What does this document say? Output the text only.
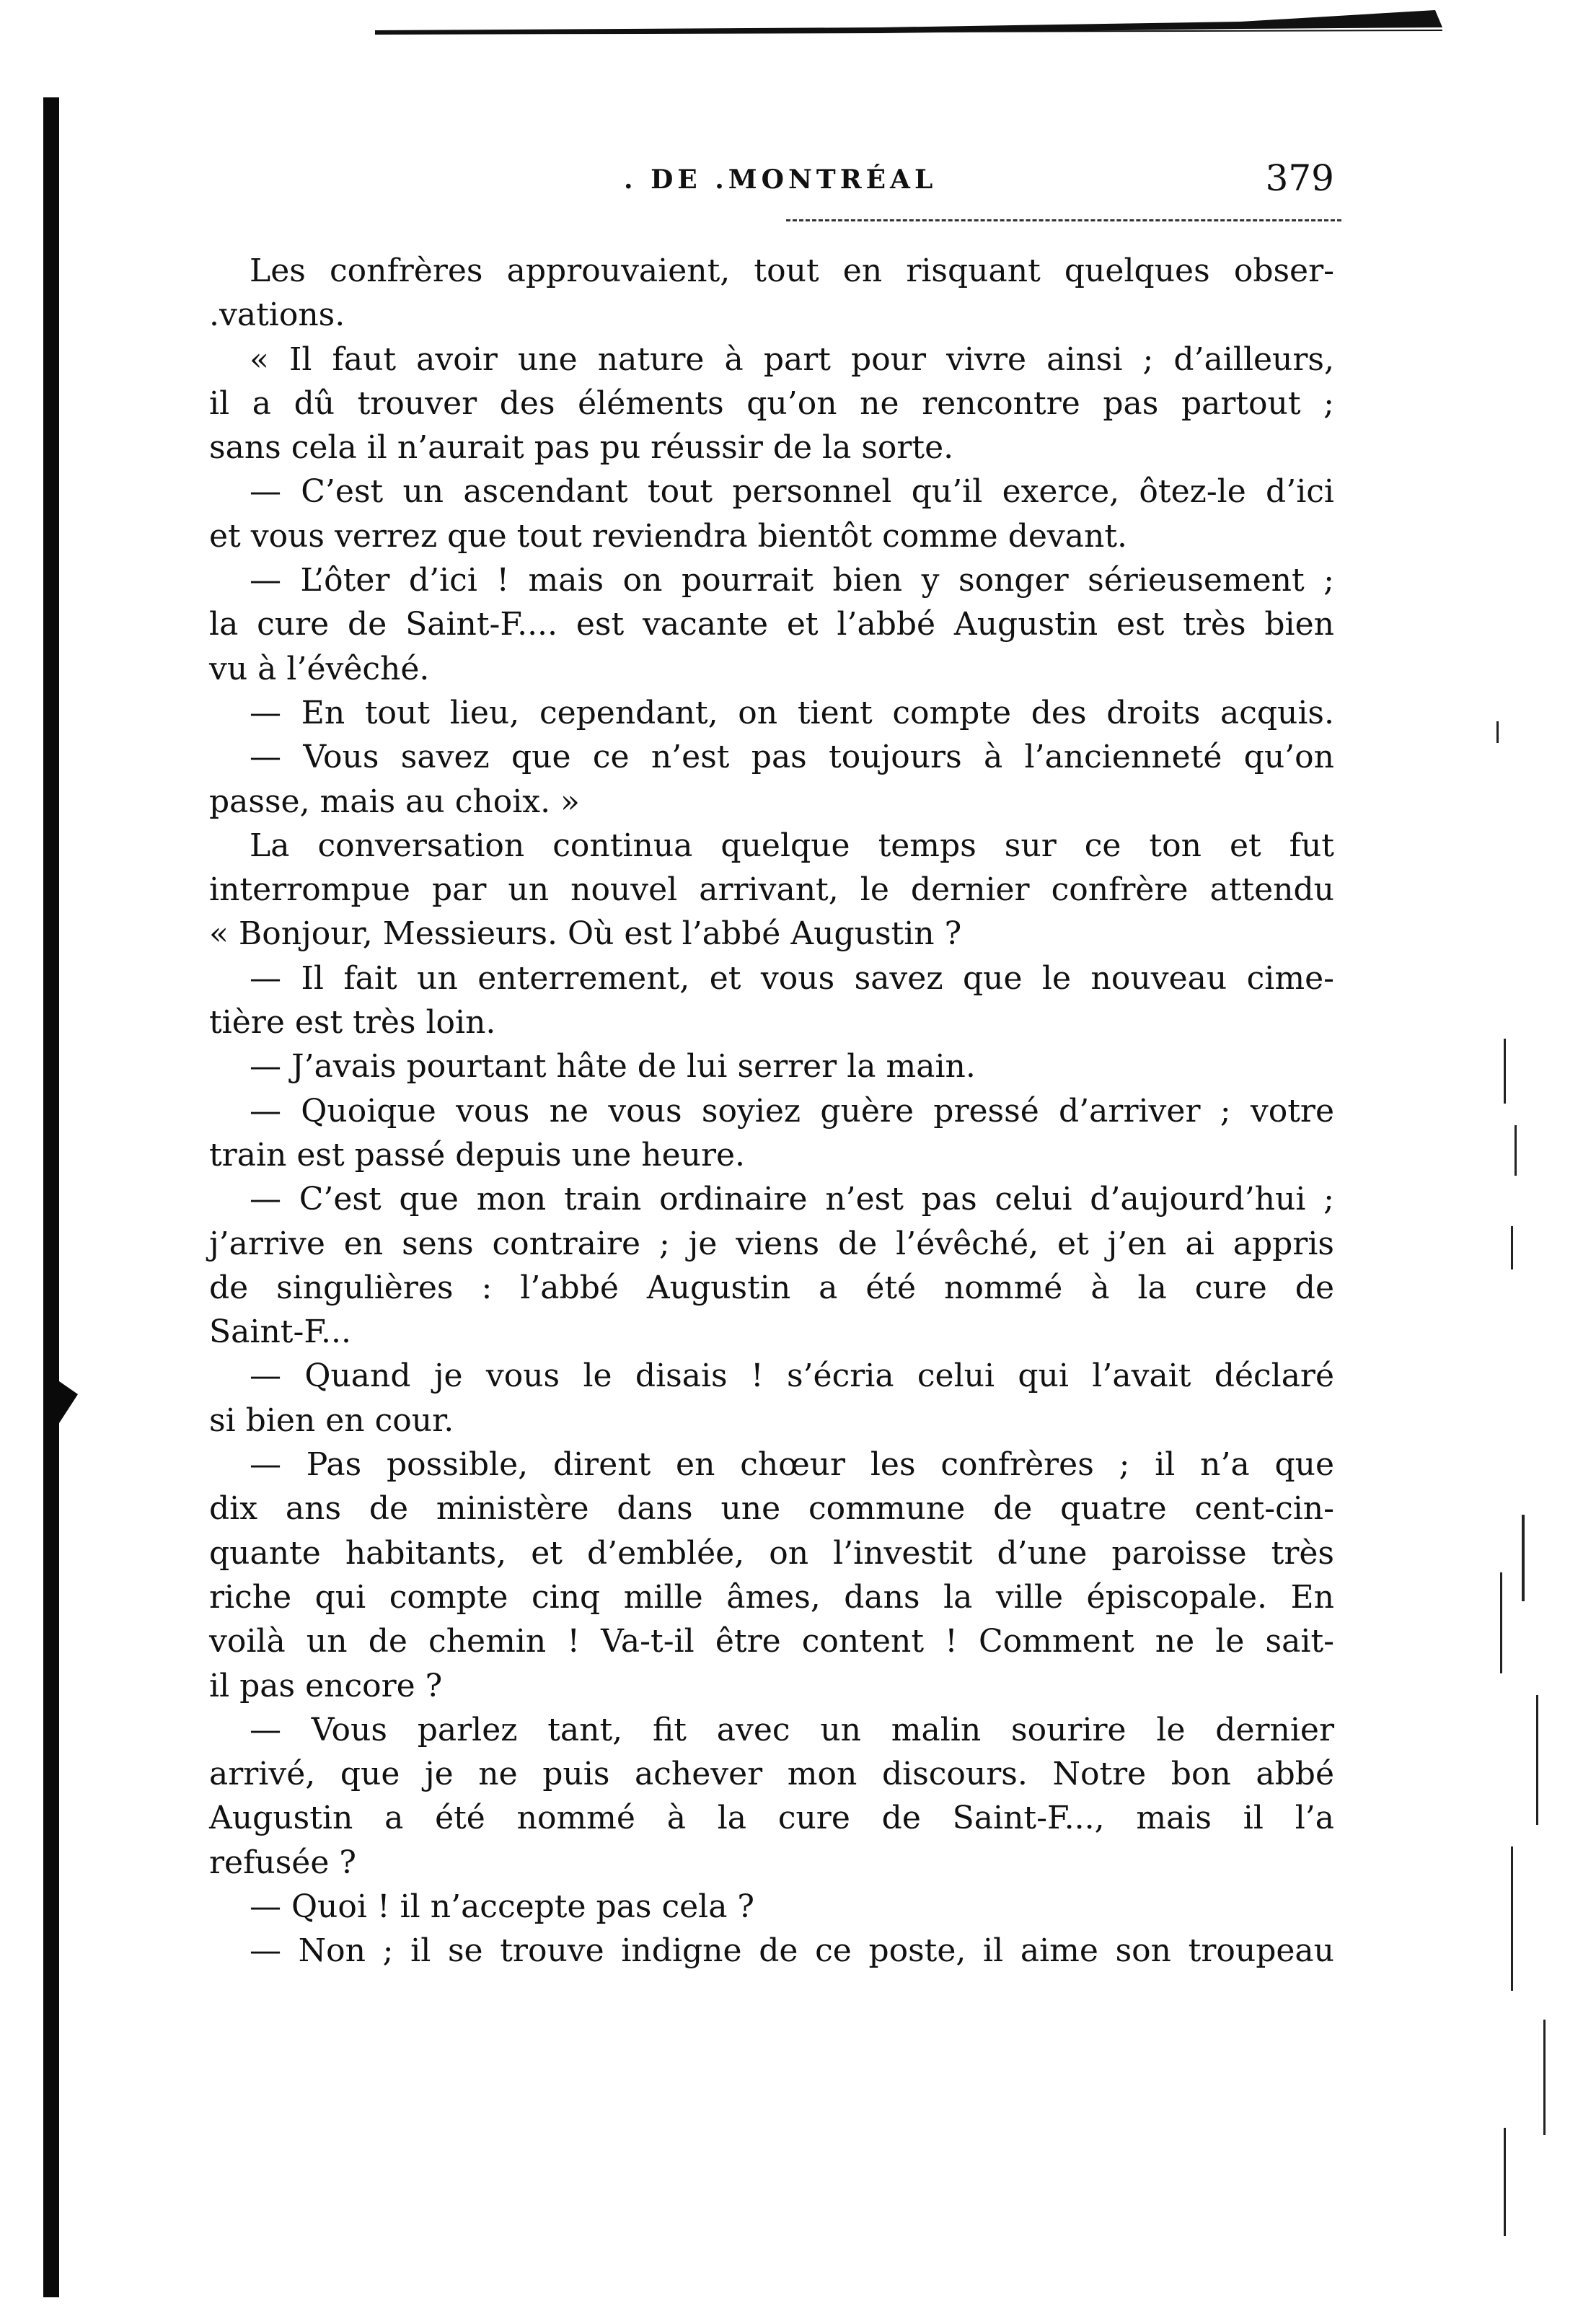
. DE .MONTRÉAL	379
Les confrères approuvaient, tout en risquant quelques obser-
.vations.
« Il faut avoir une nature à part pour vivre ainsi ; d’ailleurs,
il a dû trouver des éléments qu’on ne rencontre pas partout ;
sans cela il n’aurait pas pu réussir de la sorte.
— C’est un ascendant tout personnel qu’il exerce, ôtez-le d’ici
et vous verrez que tout reviendra bientôt comme devant.
— L’ôter d’ici ! mais on pourrait bien y songer sérieusement ;
la cure de Saint-F.... est vacante et l’abbé Augustin est très bien
vu à l’évêché.
— En tout lieu, cependant, on tient compte des droits acquis.
— Vous savez que ce n’est pas toujours à l’ancienneté qu’on
passe, mais au choix. »
La conversation continua quelque temps sur ce ton et fut
interrompue par un nouvel arrivant, le dernier confrère attendu
« Bonjour, Messieurs. Où est l’abbé Augustin ?
— Il fait un enterrement, et vous savez que le nouveau cime-
tière est très loin.
— J’avais pourtant hâte de lui serrer la main.
— Quoique vous ne vous soyiez guère pressé d’arriver ; votre
train est passé depuis une heure.
— C’est que mon train ordinaire n’est pas celui d’aujourd’hui ;
j’arrive en sens contraire ; je viens de l’évêché, et j’en ai appris
de singulières : l’abbé Augustin a été nommé à la cure de
Saint-F...
— Quand je vous le disais ! s’écria celui qui l’avait déclaré
si bien en cour.
— Pas possible, dirent en chœur les confrères ; il n’a que
dix ans de ministère dans une commune de quatre cent-cin-
quante habitants, et d’emblée, on l’investit d’une paroisse très
riche qui compte cinq mille âmes, dans la ville épiscopale. En
voilà un de chemin ! Va-t-il être content ! Comment ne le sait-
il pas encore ?
— Vous parlez tant, fit avec un malin sourire le dernier
arrivé, que je ne puis achever mon discours. Notre bon abbé
Augustin a été nommé à la cure de Saint-F..., mais il l’a
refusée ?
— Quoi ! il n’accepte pas cela ?
— Non ; il se trouve indigne de ce poste, il aime son troupeau
